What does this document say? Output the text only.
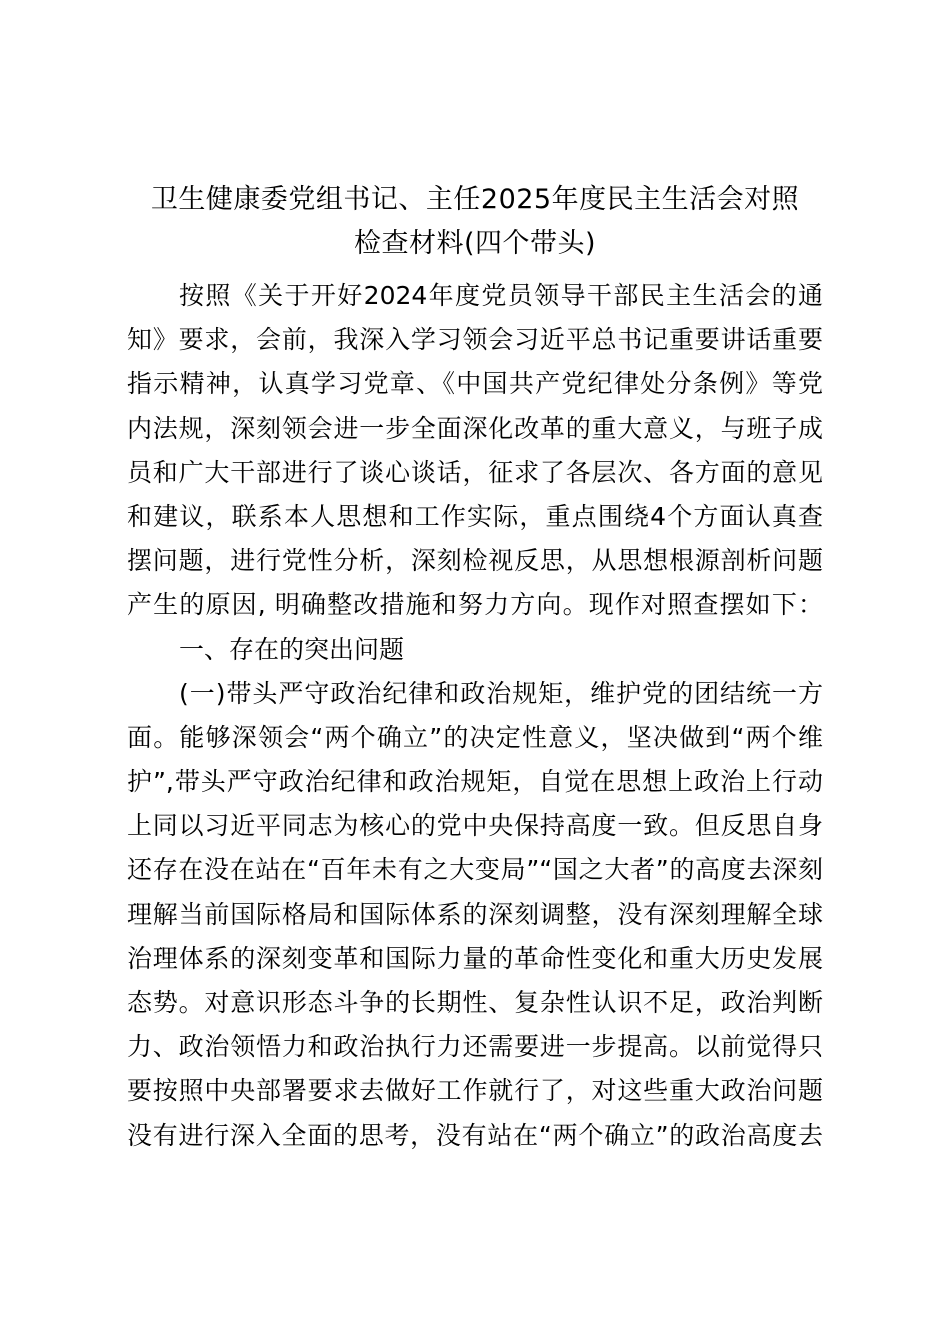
卫生健康委党组书记、主任2025年度民主生活会对照
检查材料(四个带头)
按照《关于开好2024年度党员领导干部民主生活会的通
知》要求，会前，我深入学习领会习近平总书记重要讲话重要
指示精神，认真学习党章、《中国共产党纪律处分条例》等党
内法规，深刻领会进一步全面深化改革的重大意义，与班子成
员和广大干部进行了谈心谈话，征求了各层次、各方面的意见
和建议，联系本人思想和工作实际，重点围绕4个方面认真查
摆问题，进行党性分析，深刻检视反思，从思想根源剖析问题
产生的原因, 明确整改措施和努力方向。现作对照查摆如下：
一、存在的突出问题
(一)带头严守政治纪律和政治规矩，维护党的团结统一方
面。能够深领会“两个确立”的决定性意义，坚决做到“两个维
护”,带头严守政治纪律和政治规矩，自觉在思想上政治上行动
上同以习近平同志为核心的党中央保持高度一致。但反思自身
还存在没在站在“百年未有之大变局”“国之大者”的高度去深刻
理解当前国际格局和国际体系的深刻调整，没有深刻理解全球
治理体系的深刻变革和国际力量的革命性变化和重大历史发展
态势。对意识形态斗争的长期性、复杂性认识不足，政治判断
力、政治领悟力和政治执行力还需要进一步提高。以前觉得只
要按照中央部署要求去做好工作就行了，对这些重大政治问题
没有进行深入全面的思考，没有站在“两个确立”的政治高度去
